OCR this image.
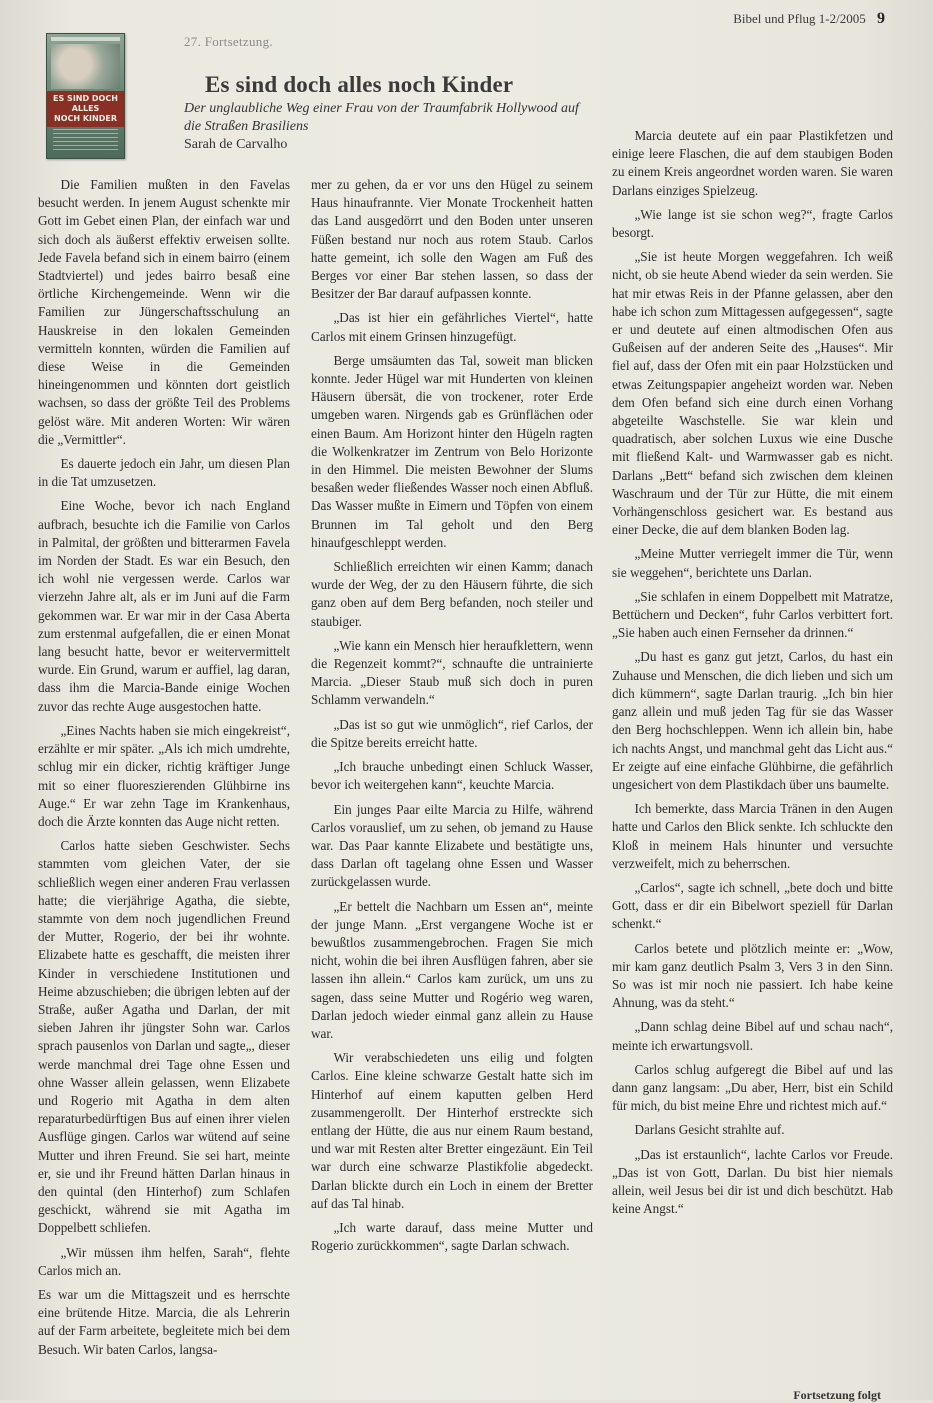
Bibel und Pflug 1-2/2005 9
ES SIND DOCH ALLES
NOCH KINDER
27. Fortsetzung.
Es sind doch alles noch Kinder
Der unglaubliche Weg einer Frau von der Traumfabrik Hollywood auf die Straßen Brasiliens
Sarah de Carvalho

Die Familien mußten in den Favelas besucht werden. In jenem August schenkte mir Gott im Gebet einen Plan, der einfach war und sich doch als äußerst effektiv erweisen sollte. Jede Favela befand sich in einem bairro (einem Stadtviertel) und jedes bairro besaß eine örtliche Kirchengemeinde. Wenn wir die Familien zur Jüngerschaftsschulung an Hauskreise in den lokalen Gemeinden vermitteln konnten, würden die Familien auf diese Weise in die Gemeinden hineingenommen und könnten dort geistlich wachsen, so dass der größte Teil des Problems gelöst wäre. Mit anderen Worten: Wir wären die „Vermittler“.

Es dauerte jedoch ein Jahr, um diesen Plan in die Tat umzusetzen.

Eine Woche, bevor ich nach England aufbrach, besuchte ich die Familie von Carlos in Palmital, der größten und bitterarmen Favela im Norden der Stadt. Es war ein Besuch, den ich wohl nie vergessen werde. Carlos war vierzehn Jahre alt, als er im Juni auf die Farm gekommen war. Er war mir in der Casa Aberta zum erstenmal aufgefallen, die er einen Monat lang besucht hatte, bevor er weitervermittelt wurde. Ein Grund, warum er auffiel, lag daran, dass ihm die Marcia-Bande einige Wochen zuvor das rechte Auge ausgestochen hatte.

„Eines Nachts haben sie mich eingekreist“, erzählte er mir später. „Als ich mich umdrehte, schlug mir ein dicker, richtig kräftiger Junge mit so einer fluoreszierenden Glühbirne ins Auge.“ Er war zehn Tage im Krankenhaus, doch die Ärzte konnten das Auge nicht retten.

Carlos hatte sieben Geschwister. Sechs stammten vom gleichen Vater, der sie schließlich wegen einer anderen Frau verlassen hatte; die vierjährige Agatha, die siebte, stammte von dem noch jugendlichen Freund der Mutter, Rogerio, der bei ihr wohnte. Elizabete hatte es geschafft, die meisten ihrer Kinder in verschiedene Institutionen und Heime abzuschieben; die übrigen lebten auf der Straße, außer Agatha und Darlan, der mit sieben Jahren ihr jüngster Sohn war. Carlos sprach pausenlos von Darlan und sagte„, dieser werde manchmal drei Tage ohne Essen und ohne Wasser allein gelassen, wenn Elizabete und Rogerio mit Agatha in dem alten reparaturbedürftigen Bus auf einen ihrer vielen Ausflüge gingen. Carlos war wütend auf seine Mutter und ihren Freund. Sie sei hart, meinte er, sie und ihr Freund hätten Darlan hinaus in den quintal (den Hinterhof) zum Schlafen geschickt, während sie mit Agatha im Doppelbett schliefen.

„Wir müssen ihm helfen, Sarah“, flehte Carlos mich an.

Es war um die Mittagszeit und es herrschte eine brütende Hitze. Marcia, die als Lehrerin auf der Farm arbeitete, begleitete mich bei dem Besuch. Wir baten Carlos, langsa-

mer zu gehen, da er vor uns den Hügel zu seinem Haus hinaufrannte. Vier Monate Trockenheit hatten das Land ausgedörrt und den Boden unter unseren Füßen bestand nur noch aus rotem Staub. Carlos hatte gemeint, ich solle den Wagen am Fuß des Berges vor einer Bar stehen lassen, so dass der Besitzer der Bar darauf aufpassen konnte.

„Das ist hier ein gefährliches Viertel“, hatte Carlos mit einem Grinsen hinzugefügt.

Berge umsäumten das Tal, soweit man blicken konnte. Jeder Hügel war mit Hunderten von kleinen Häusern übersät, die von trockener, roter Erde umgeben waren. Nirgends gab es Grünflächen oder einen Baum. Am Horizont hinter den Hügeln ragten die Wolkenkratzer im Zentrum von Belo Horizonte in den Himmel. Die meisten Bewohner der Slums besaßen weder fließendes Wasser noch einen Abfluß. Das Wasser mußte in Eimern und Töpfen von einem Brunnen im Tal geholt und den Berg hinaufgeschleppt werden.

Schließlich erreichten wir einen Kamm; danach wurde der Weg, der zu den Häusern führte, die sich ganz oben auf dem Berg befanden, noch steiler und staubiger.

„Wie kann ein Mensch hier heraufklettern, wenn die Regenzeit kommt?“, schnaufte die untrainierte Marcia. „Dieser Staub muß sich doch in puren Schlamm verwandeln.“

„Das ist so gut wie unmöglich“, rief Carlos, der die Spitze bereits erreicht hatte.

„Ich brauche unbedingt einen Schluck Wasser, bevor ich weitergehen kann“, keuchte Marcia.

Ein junges Paar eilte Marcia zu Hilfe, während Carlos vorauslief, um zu sehen, ob jemand zu Hause war. Das Paar kannte Elizabete und bestätigte uns, dass Darlan oft tagelang ohne Essen und Wasser zurückgelassen wurde.

„Er bettelt die Nachbarn um Essen an“, meinte der junge Mann. „Erst vergangene Woche ist er bewußtlos zusammengebrochen. Fragen Sie mich nicht, wohin die bei ihren Ausflügen fahren, aber sie lassen ihn allein.“ Carlos kam zurück, um uns zu sagen, dass seine Mutter und Rogério weg waren, Darlan jedoch wieder einmal ganz allein zu Hause war.

Wir verabschiedeten uns eilig und folgten Carlos. Eine kleine schwarze Gestalt hatte sich im Hinterhof auf einem kaputten gelben Herd zusammengerollt. Der Hinterhof erstreckte sich entlang der Hütte, die aus nur einem Raum bestand, und war mit Resten alter Bretter eingezäunt. Ein Teil war durch eine schwarze Plastikfolie abgedeckt. Darlan blickte durch ein Loch in einem der Bretter auf das Tal hinab.

„Ich warte darauf, dass meine Mutter und Rogerio zurückkommen“, sagte Darlan schwach.

Marcia deutete auf ein paar Plastikfetzen und einige leere Flaschen, die auf dem staubigen Boden zu einem Kreis angeordnet worden waren. Sie waren Darlans einziges Spielzeug.

„Wie lange ist sie schon weg?“, fragte Carlos besorgt.

„Sie ist heute Morgen weggefahren. Ich weiß nicht, ob sie heute Abend wieder da sein werden. Sie hat mir etwas Reis in der Pfanne gelassen, aber den habe ich schon zum Mittagessen aufgegessen“, sagte er und deutete auf einen altmodischen Ofen aus Gußeisen auf der anderen Seite des „Hauses“. Mir fiel auf, dass der Ofen mit ein paar Holzstücken und etwas Zeitungspapier angeheizt worden war. Neben dem Ofen befand sich eine durch einen Vorhang abgeteilte Waschstelle. Sie war klein und quadratisch, aber solchen Luxus wie eine Dusche mit fließend Kalt- und Warmwasser gab es nicht. Darlans „Bett“ befand sich zwischen dem kleinen Waschraum und der Tür zur Hütte, die mit einem Vorhängenschloss gesichert war. Es bestand aus einer Decke, die auf dem blanken Boden lag.

„Meine Mutter verriegelt immer die Tür, wenn sie weggehen“, berichtete uns Darlan.

„Sie schlafen in einem Doppelbett mit Matratze, Bettüchern und Decken“, fuhr Carlos verbittert fort. „Sie haben auch einen Fernseher da drinnen.“

„Du hast es ganz gut jetzt, Carlos, du hast ein Zuhause und Menschen, die dich lieben und sich um dich kümmern“, sagte Darlan traurig. „Ich bin hier ganz allein und muß jeden Tag für sie das Wasser den Berg hochschleppen. Wenn ich allein bin, habe ich nachts Angst, und manchmal geht das Licht aus.“ Er zeigte auf eine einfache Glühbirne, die gefährlich ungesichert von dem Plastikdach über uns baumelte.

Ich bemerkte, dass Marcia Tränen in den Augen hatte und Carlos den Blick senkte. Ich schluckte den Kloß in meinem Hals hinunter und versuchte verzweifelt, mich zu beherrschen.

„Carlos“, sagte ich schnell, „bete doch und bitte Gott, dass er dir ein Bibelwort speziell für Darlan schenkt.“

Carlos betete und plötzlich meinte er: „Wow, mir kam ganz deutlich Psalm 3, Vers 3 in den Sinn. So was ist mir noch nie passiert. Ich habe keine Ahnung, was da steht.“

„Dann schlag deine Bibel auf und schau nach“, meinte ich erwartungsvoll.

Carlos schlug aufgeregt die Bibel auf und las dann ganz langsam: „Du aber, Herr, bist ein Schild für mich, du bist meine Ehre und richtest mich auf.“

Darlans Gesicht strahlte auf.

„Das ist erstaunlich“, lachte Carlos vor Freude. „Das ist von Gott, Darlan. Du bist hier niemals allein, weil Jesus bei dir ist und dich beschützt. Hab keine Angst.“

Fortsetzung folgt
